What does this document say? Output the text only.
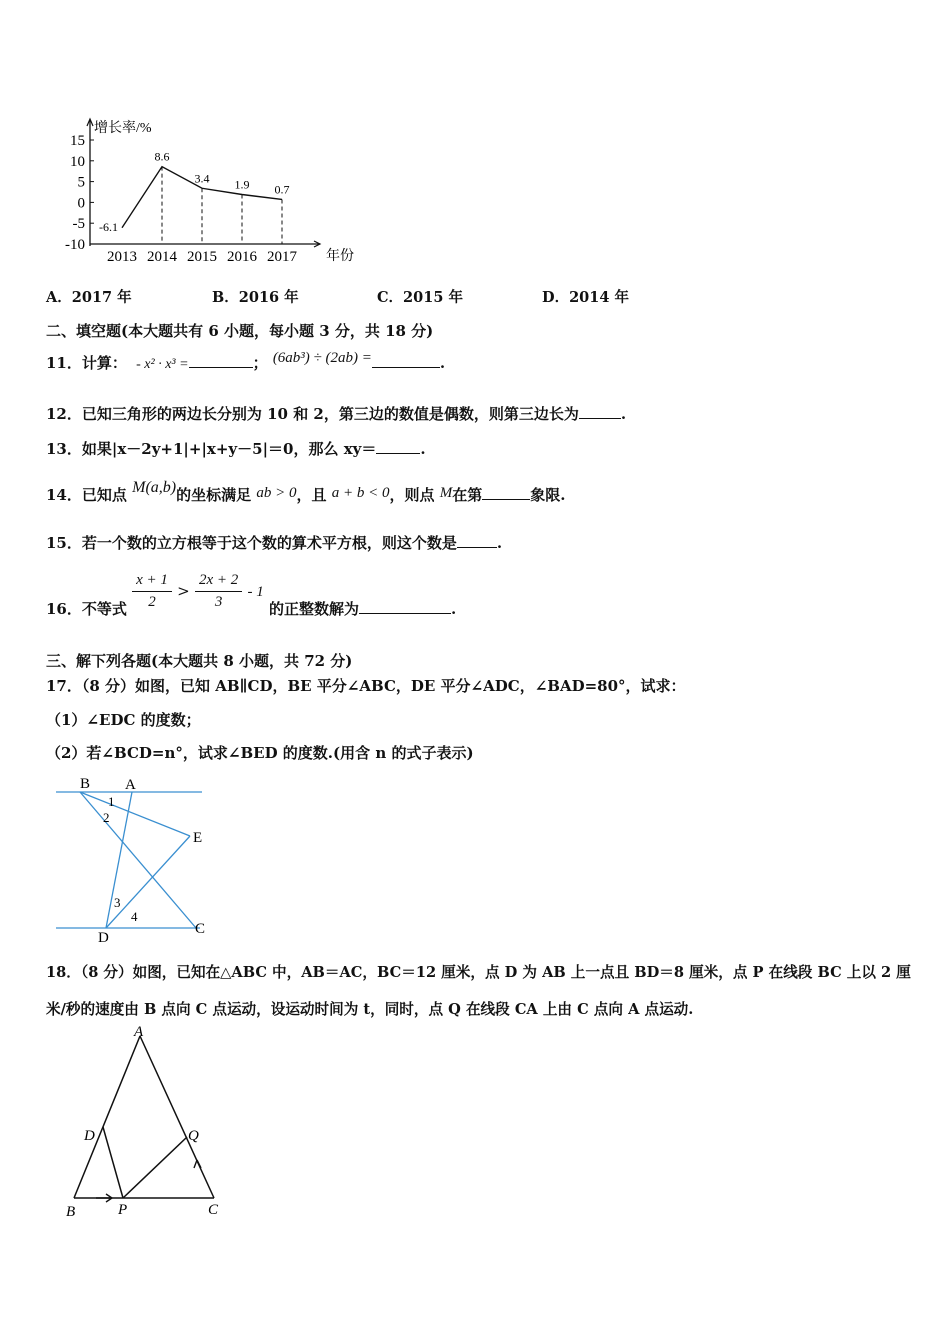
15
10
5
0
-5
-10
增长率/%
2013 2014 2015 2016 2017 年份
-6.1
8.6
3.4 1.9 0.7
A．2017 年	B．2016 年	C．2015 年	D．2014 年
二、填空题(本大题共有 6 小题，每小题 3 分，共 18 分)
11．计算： - x² · x³ =	； (6ab³) ÷ (2ab) =	.
12．已知三角形的两边长分别为 10 和 2，第三边的数值是偶数，则第三边长为	.
13．如果|x－2y+1|+|x+y－5|＝0，那么 xy＝	.
14．已知点 M(a,b)的坐标满足 ab > 0，且 a + b < 0，则点 M在第	象限.
15．若一个数的立方根等于这个数的算术平方根，则这个数是	.
16．不等式 $\frac{x + 1}{2} > \frac{2x + 2}{3} - 1$ 的正整数解为	.
三、解下列各题(本大题共 8 小题，共 72 分)
17．（8 分）如图，已知 AB∥CD，BE 平分∠ABC，DE 平分∠ADC，∠BAD=80°，试求：
（1）∠EDC 的度数；
（2）若∠BCD=n°，试求∠BED 的度数.(用含 n 的式子表示)
B A
E
D
C
1
2
3
4
18．（8 分）如图，已知在△ABC 中，AB＝AC，BC＝12 厘米，点 D 为 AB 上一点且 BD＝8 厘米，点 P 在线段 BC 上以 2 厘
米/秒的速度由 B 点向 C 点运动，设运动时间为 t，同时，点 Q 在线段 CA 上由 C 点向 A 点运动.
A
B	C
D
P
Q
